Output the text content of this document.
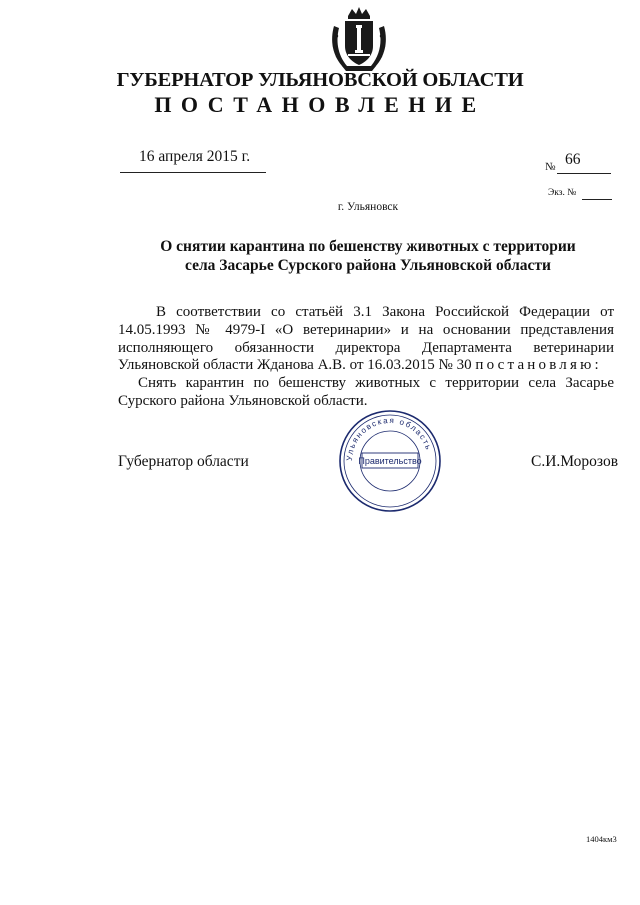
ГУБЕРНАТОР УЛЬЯНОВСКОЙ ОБЛАСТИ
ПОСТАНОВЛЕНИЕ
16 апреля 2015 г.
№ 66
Экз. №
г. Ульяновск
О снятии карантина по бешенству животных с территории
села Засарье Сурского района Ульяновской области

В соответствии со статьёй 3.1 Закона Российской Федерации от 14.05.1993 № 4979-I «О ветеринарии» и на основании представления исполняющего обязанности директора Департамента ветеринарии Ульяновской области Жданова А.В. от 16.03.2015 № 30 постановляю:

Снять карантин по бешенству животных с территории села Засарье Сурского района Ульяновской области.

Губернатор области	С.И.Морозов
Ульяновская область
Правительство
1404км3
